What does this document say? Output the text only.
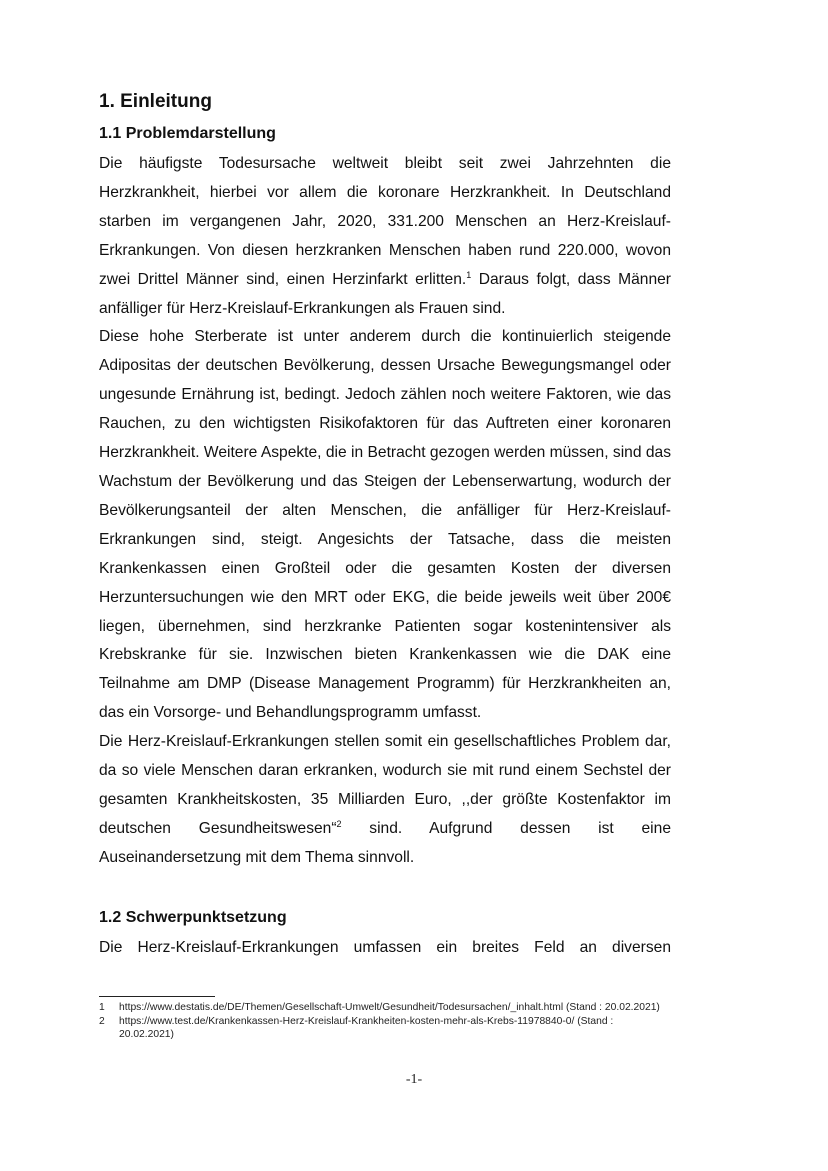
1. Einleitung
1.1 Problemdarstellung

Die häufigste Todesursache weltweit bleibt seit zwei Jahrzehnten die Herzkrankheit, hierbei vor allem die koronare Herzkrankheit. In Deutschland starben im vergangenen Jahr, 2020, 331.200 Menschen an Herz-Kreislauf-Erkrankungen. Von diesen herzkranken Menschen haben rund 220.000, wovon zwei Drittel Männer sind, einen Herzinfarkt erlitten.$^1$ Daraus folgt, dass Männer anfälliger für Herz-Kreislauf-Erkrankungen als Frauen sind.

Diese hohe Sterberate ist unter anderem durch die kontinuierlich steigende Adipositas der deutschen Bevölkerung, dessen Ursache Bewegungsmangel oder ungesunde Ernährung ist, bedingt. Jedoch zählen noch weitere Faktoren, wie das Rauchen, zu den wichtigsten Risikofaktoren für das Auftreten einer koronaren Herzkrankheit. Weitere Aspekte, die in Betracht gezogen werden müssen, sind das Wachstum der Bevölkerung und das Steigen der Lebenserwartung, wodurch der Bevölkerungsanteil der alten Menschen, die anfälliger für Herz-Kreislauf-Erkrankungen sind, steigt. Angesichts der Tatsache, dass die meisten Krankenkassen einen Großteil oder die gesamten Kosten der diversen Herzuntersuchungen wie den MRT oder EKG, die beide jeweils weit über 200€ liegen, übernehmen, sind herzkranke Patienten sogar kostenintensiver als Krebskranke für sie. Inzwischen bieten Krankenkassen wie die DAK eine Teilnahme am DMP (Disease Management Programm) für Herzkrankheiten an, das ein Vorsorge- und Behandlungsprogramm umfasst.

Die Herz-Kreislauf-Erkrankungen stellen somit ein gesellschaftliches Problem dar, da so viele Menschen daran erkranken, wodurch sie mit rund einem Sechstel der gesamten Krankheitskosten, 35 Milliarden Euro, ,,der größte Kostenfaktor im deutschen Gesundheitswesen“$^2$ sind. Aufgrund dessen ist eine Auseinandersetzung mit dem Thema sinnvoll.

1.2 Schwerpunktsetzung

Die Herz-Kreislauf-Erkrankungen umfassen ein breites Feld an diversen

1	https://www.destatis.de/DE/Themen/Gesellschaft-Umwelt/Gesundheit/Todesursachen/_inhalt.html (Stand : 20.02.2021)
2	https://www.test.de/Krankenkassen-Herz-Kreislauf-Krankheiten-kosten-mehr-als-Krebs-11978840-0/ (Stand : 20.02.2021)
-1-
